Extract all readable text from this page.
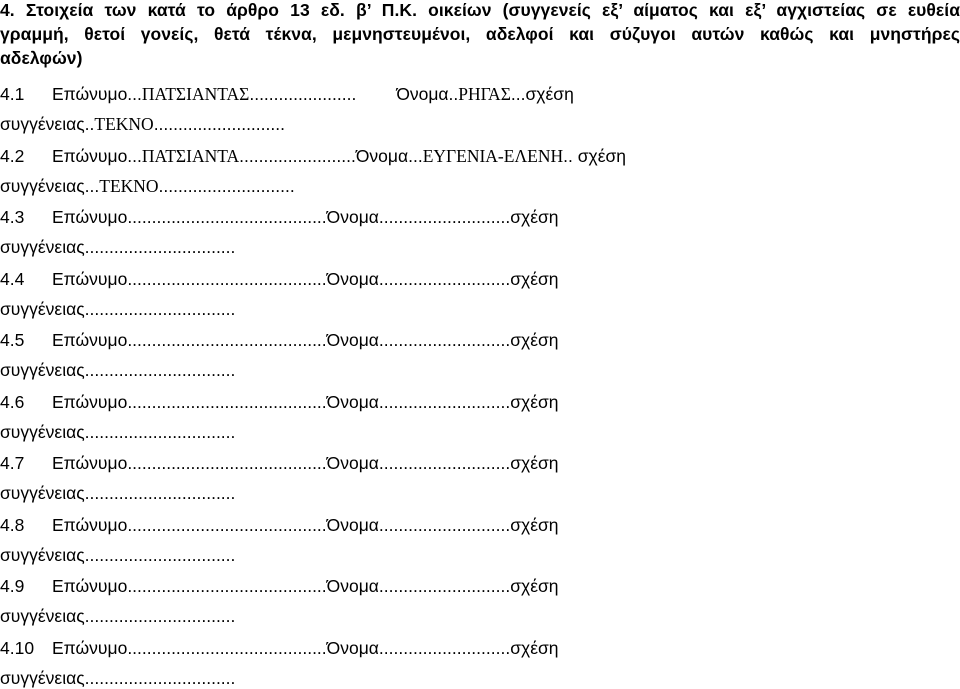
4. Στοιχεία των κατά το άρθρο 13 εδ. β’ Π.Κ. οικείων (συγγενείς εξ’ αίματος και εξ’ αγχιστείας σε ευθεία
γραμμή, θετοί γονείς, θετά τέκνα, μεμνηστευμένοι, αδελφοί και σύζυγοι αυτών καθώς και μνηστήρες
αδελφών)
4.1 Επώνυμο...ΠΑΤΣΙΑΝΤΑΣ...................... Όνομα..ΡΗΓΑΣ...σχέση
συγγένειας..ΤΕΚΝΟ...........................
4.2 Επώνυμο...ΠΑΤΣΙΑΝΤΑ........................Όνομα...ΕΥΓΕΝΙΑ-ΕΛΕΝΗ.. σχέση
συγγένειας...ΤΕΚΝΟ............................
4.3 Επώνυμο.........................................Όνομα...........................σχέση
συγγένειας...............................
4.4 Επώνυμο.........................................Όνομα...........................σχέση
συγγένειας...............................
4.5 Επώνυμο.........................................Όνομα...........................σχέση
συγγένειας...............................
4.6 Επώνυμο.........................................Όνομα...........................σχέση
συγγένειας...............................
4.7 Επώνυμο.........................................Όνομα...........................σχέση
συγγένειας...............................
4.8 Επώνυμο.........................................Όνομα...........................σχέση
συγγένειας...............................
4.9 Επώνυμο.........................................Όνομα...........................σχέση
συγγένειας...............................
4.10 Επώνυμο.........................................Όνομα...........................σχέση
συγγένειας...............................
